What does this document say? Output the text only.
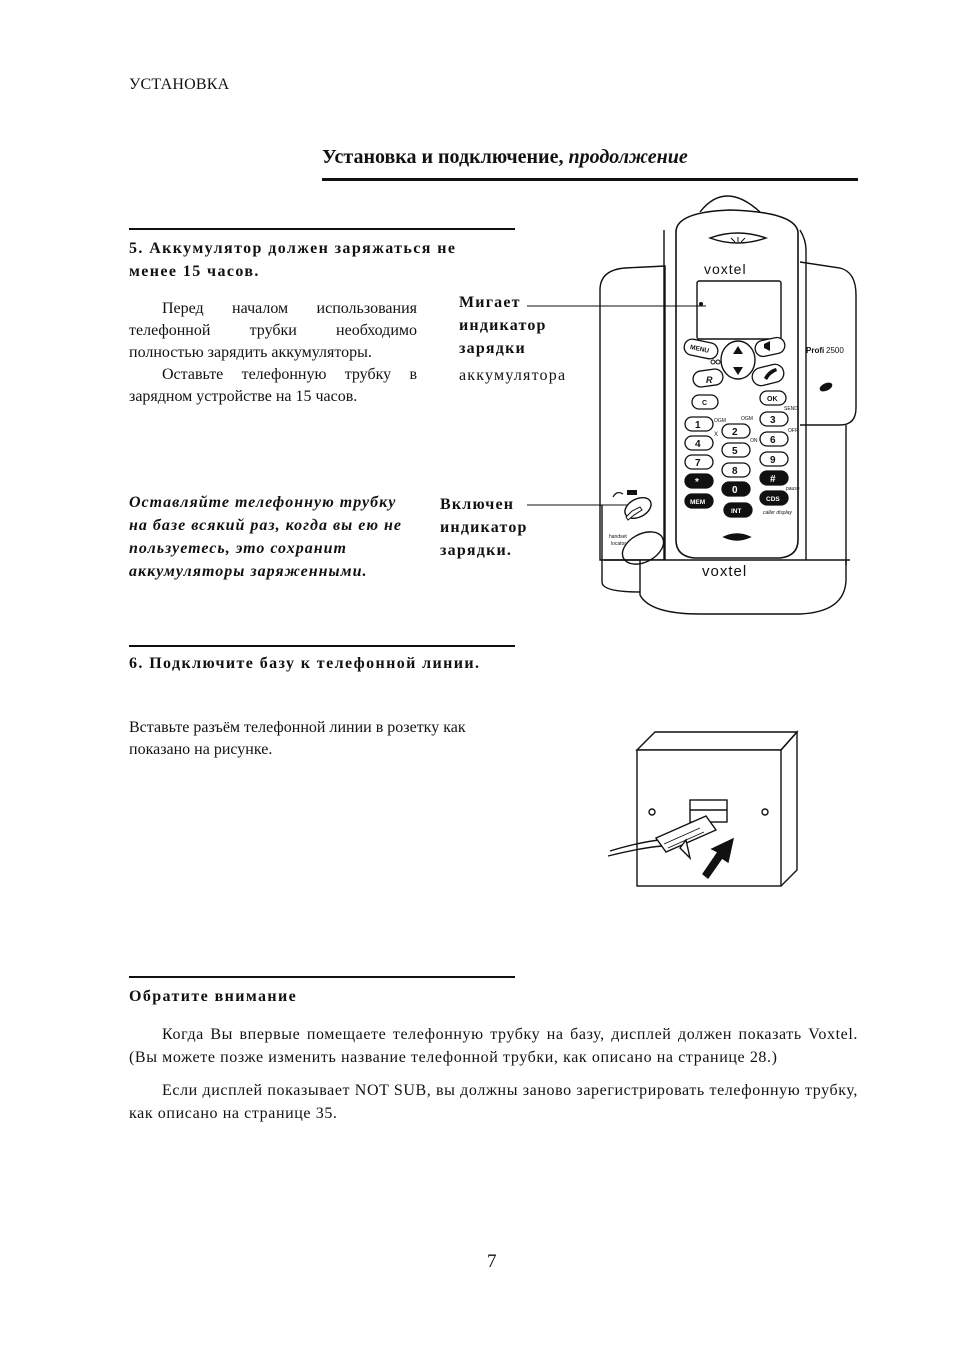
УСТАНОВКА
Установка и подключение, продолжение
5. Аккумулятор должен заряжаться не менее 15 часов.

Перед началом использования телефонной трубки необходимо полностью зарядить аккумуляторы.

Оставьте телефонную трубку в зарядном устройстве на 15 часов.

Оставляйте телефонную трубку на базе всякий раз, когда вы ею не пользуетесь, это сохранит аккумуляторы заряженными.
Мигает
индикатор
зарядки
аккумулятора
Включен
индикатор
зарядки.
voxtel
voxtel
Profi 2500
MENU
R
C
OK
1
2
3
4
5
6
7
8
9
*
0
#
MEM	CDS
INT
OGM	OGM
ON
OFF
SEND
X
pause
caller display
handset
locator
6. Подключите базу к телефонной линии.
Вставьте разъём телефонной линии в розетку как показано на рисунке.
Обратите внимание

Когда Вы впервые помещаете телефонную трубку на базу, дисплей должен показать Voxtel. (Вы можете позже изменить название телефонной трубки, как описано на странице 28.)

Если дисплей показывает NOT SUB, вы должны заново зарегистрировать телефонную трубку, как описано на странице 35.

7
